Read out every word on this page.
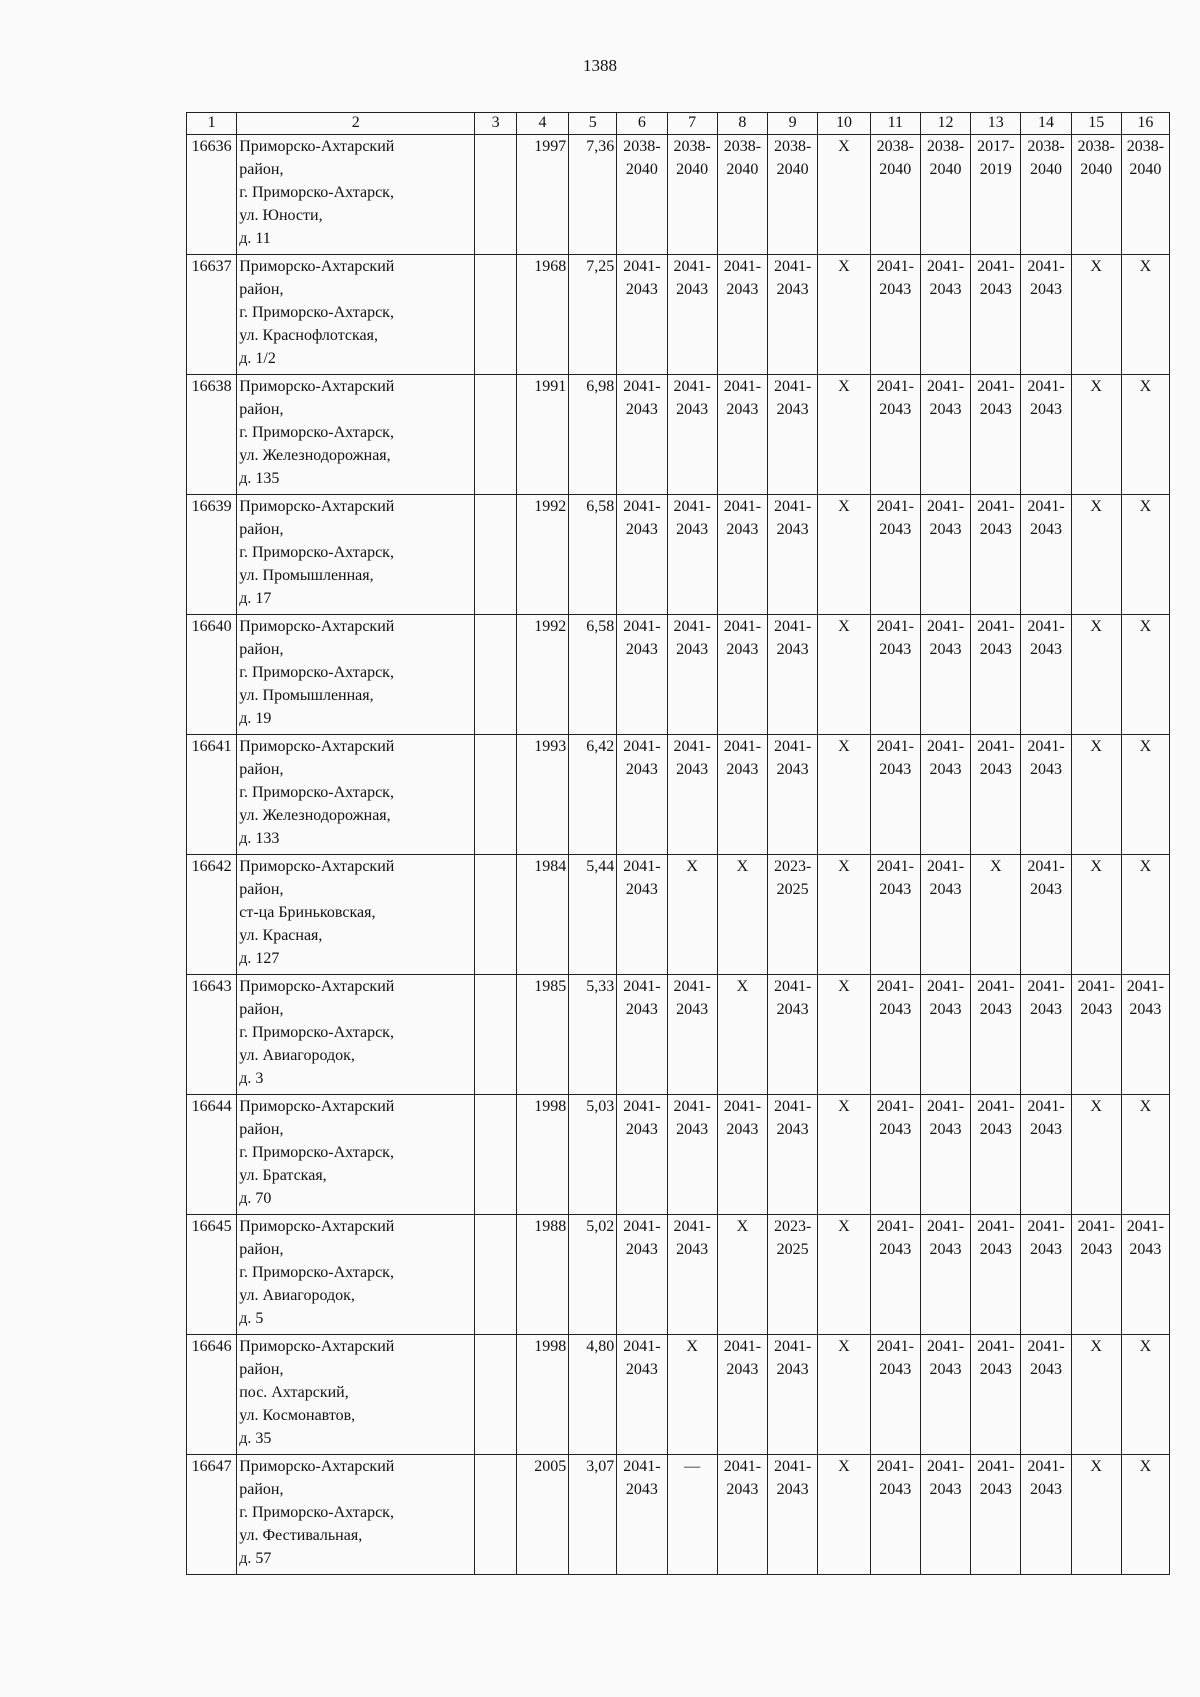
1388
1	2	3	4	5	6	7	8	9	10	11	12	13	14	15	16
16636	Приморско-Ахтарский
район,
г. Приморско-Ахтарск,
ул. Юности,
д. 11		1997	7,36	2038-
2040	2038-
2040	2038-
2040	2038-
2040	X	2038-
2040	2038-
2040	2017-
2019	2038-
2040	2038-
2040	2038-
2040

16637	Приморско-Ахтарский
район,
г. Приморско-Ахтарск,
ул. Краснофлотская,
д. 1/2		1968	7,25	2041-
2043	2041-
2043	2041-
2043	2041-
2043	X	2041-
2043	2041-
2043	2041-
2043	2041-
2043	X	X

16638	Приморско-Ахтарский
район,
г. Приморско-Ахтарск,
ул. Железнодорожная,
д. 135		1991	6,98	2041-
2043	2041-
2043	2041-
2043	2041-
2043	X	2041-
2043	2041-
2043	2041-
2043	2041-
2043	X	X

16639	Приморско-Ахтарский
район,
г. Приморско-Ахтарск,
ул. Промышленная,
д. 17		1992	6,58	2041-
2043	2041-
2043	2041-
2043	2041-
2043	X	2041-
2043	2041-
2043	2041-
2043	2041-
2043	X	X

16640	Приморско-Ахтарский
район,
г. Приморско-Ахтарск,
ул. Промышленная,
д. 19		1992	6,58	2041-
2043	2041-
2043	2041-
2043	2041-
2043	X	2041-
2043	2041-
2043	2041-
2043	2041-
2043	X	X

16641	Приморско-Ахтарский
район,
г. Приморско-Ахтарск,
ул. Железнодорожная,
д. 133		1993	6,42	2041-
2043	2041-
2043	2041-
2043	2041-
2043	X	2041-
2043	2041-
2043	2041-
2043	2041-
2043	X	X

16642	Приморско-Ахтарский
район,
ст-ца Бриньковская,
ул. Красная,
д. 127		1984	5,44	2041-
2043	X	X	2023-
2025	X	2041-
2043	2041-
2043	X	2041-
2043	X	X

16643	Приморско-Ахтарский
район,
г. Приморско-Ахтарск,
ул. Авиагородок,
д. 3		1985	5,33	2041-
2043	2041-
2043	X	2041-
2043	X	2041-
2043	2041-
2043	2041-
2043	2041-
2043	2041-
2043	2041-
2043

16644	Приморско-Ахтарский
район,
г. Приморско-Ахтарск,
ул. Братская,
д. 70		1998	5,03	2041-
2043	2041-
2043	2041-
2043	2041-
2043	X	2041-
2043	2041-
2043	2041-
2043	2041-
2043	X	X

16645	Приморско-Ахтарский
район,
г. Приморско-Ахтарск,
ул. Авиагородок,
д. 5		1988	5,02	2041-
2043	2041-
2043	X	2023-
2025	X	2041-
2043	2041-
2043	2041-
2043	2041-
2043	2041-
2043	2041-
2043

16646	Приморско-Ахтарский
район,
пос. Ахтарский,
ул. Космонавтов,
д. 35		1998	4,80	2041-
2043	X	2041-
2043	2041-
2043	X	2041-
2043	2041-
2043	2041-
2043	2041-
2043	X	X

16647	Приморско-Ахтарский
район,
г. Приморско-Ахтарск,
ул. Фестивальная,
д. 57		2005	3,07	2041-
2043	—	2041-
2043	2041-
2043	X	2041-
2043	2041-
2043	2041-
2043	2041-
2043	X	X
